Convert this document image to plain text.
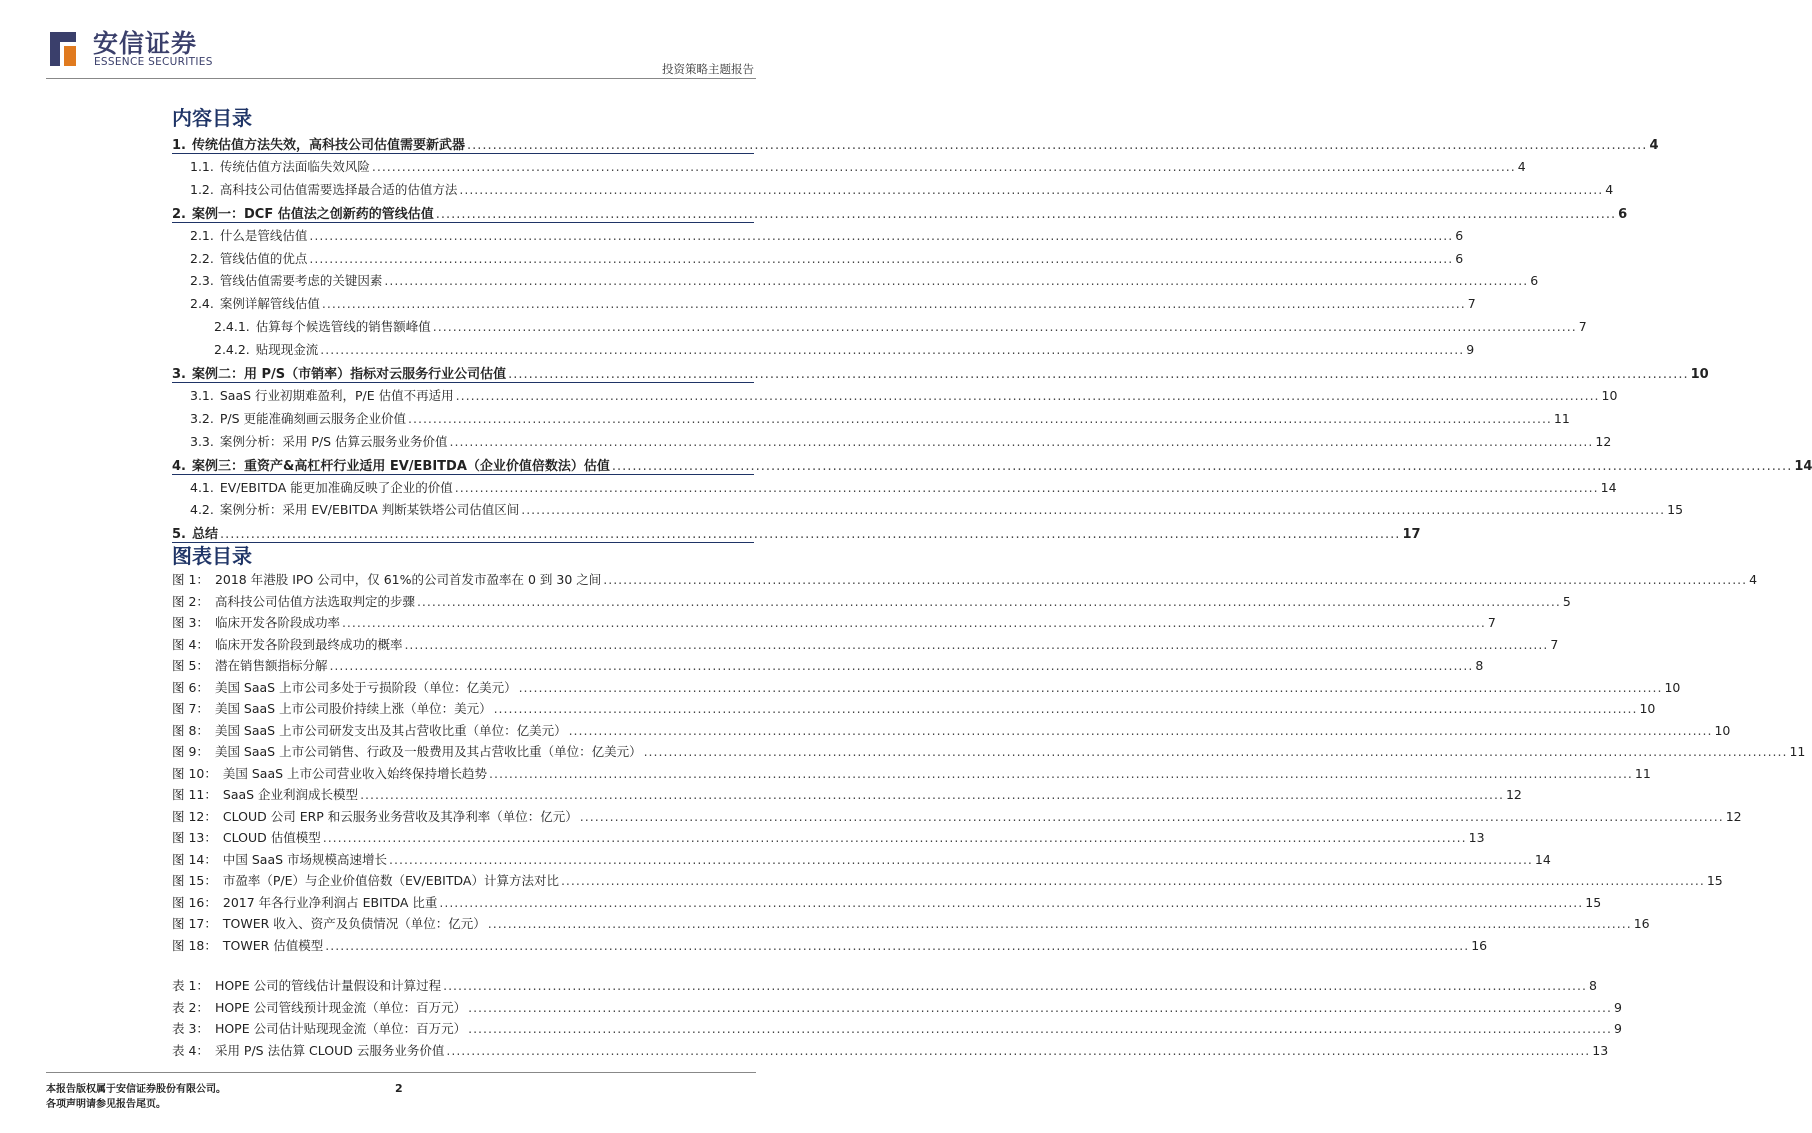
安信证券
ESSENCE SECURITIES	投资策略主题报告
内容目录
1. 传统估值方法失效，高科技公司估值需要新武器 .....	4
1.1. 传统估值方法面临失效风险 .....	4
1.2. 高科技公司估值需要选择最合适的估值方法 .....	4
2. 案例一：DCF 估值法之创新药的管线估值 .....	6
2.1. 什么是管线估值 .....	6
2.2. 管线估值的优点 .....	6
2.3. 管线估值需要考虑的关键因素 .....	6
2.4. 案例详解管线估值 .....	7
2.4.1. 估算每个候选管线的销售额峰值 .....	7
2.4.2. 贴现现金流 .....	9
3. 案例二：用 P/S（市销率）指标对云服务行业公司估值 .....	10
3.1. SaaS 行业初期难盈利，P/E 估值不再适用 .....	10
3.2. P/S 更能准确刻画云服务企业价值 .....	11
3.3. 案例分析：采用 P/S 估算云服务业务价值 .....	12
4. 案例三：重资产&高杠杆行业适用 EV/EBITDA（企业价值倍数法）估值 .....	14
4.1. EV/EBITDA 能更加准确反映了企业的价值 .....	14
4.2. 案例分析：采用 EV/EBITDA 判断某铁塔公司估值区间 .....	15
5. 总结 .....	17
图表目录
图 1： 2018 年港股 IPO 公司中，仅 61%的公司首发市盈率在 0 到 30 之间 .....	4
图 2： 高科技公司估值方法选取判定的步骤 .....	5
图 3： 临床开发各阶段成功率 .....	7
图 4： 临床开发各阶段到最终成功的概率 .....	7
图 5： 潜在销售额指标分解 .....	8
图 6： 美国 SaaS 上市公司多处于亏损阶段（单位：亿美元） .....	10
图 7： 美国 SaaS 上市公司股价持续上涨（单位：美元） .....	10
图 8： 美国 SaaS 上市公司研发支出及其占营收比重（单位：亿美元） .....	10
图 9： 美国 SaaS 上市公司销售、行政及一般费用及其占营收比重（单位：亿美元） .....	11
图 10： 美国 SaaS 上市公司营业收入始终保持增长趋势 .....	11
图 11： SaaS 企业利润成长模型 .....	12
图 12： CLOUD 公司 ERP 和云服务业务营收及其净利率（单位：亿元） .....	12
图 13： CLOUD 估值模型 .....	13
图 14： 中国 SaaS 市场规模高速增长 .....	14
图 15： 市盈率（P/E）与企业价值倍数（EV/EBITDA）计算方法对比 .....	15
图 16： 2017 年各行业净利润占 EBITDA 比重 .....	15
图 17： TOWER 收入、资产及负债情况（单位：亿元） .....	16
图 18： TOWER 估值模型 .....	16
表 1： HOPE 公司的管线估计量假设和计算过程 .....	8
表 2： HOPE 公司管线预计现金流（单位：百万元） .....	9
表 3： HOPE 公司估计贴现现金流（单位：百万元） .....	9
表 4： 采用 P/S 法估算 CLOUD 云服务业务价值 .....	13
本报告版权属于安信证券股份有限公司。
各项声明请参见报告尾页。
2
